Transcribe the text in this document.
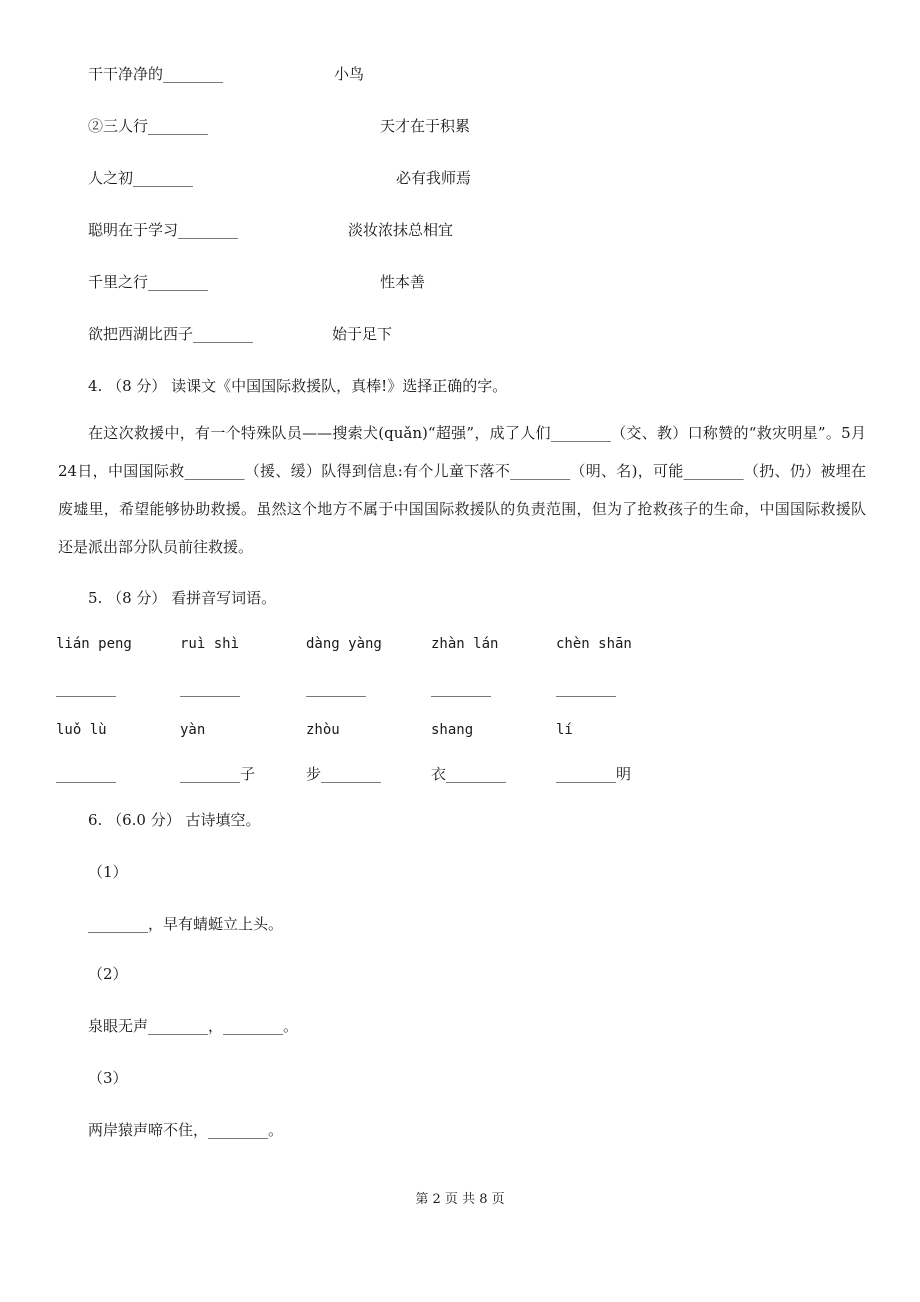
干干净净的________	小鸟
②三人行________	天才在于积累
人之初________	必有我师焉
聪明在于学习________	淡妆浓抹总相宜
千里之行________	性本善
欲把西湖比西子________	始于足下
4. （8 分） 读课文《中国国际救援队，真棒!》选择正确的字。

在这次救援中，有一个特殊队员——搜索犬(quǎn)“超强”，成了人们________（交、教）口称赞的“救灾明星”。5月24日，中国国际救________（援、缓）队得到信息:有个儿童下落不________（明、名)，可能________（扔、仍）被埋在废墟里，希望能够协助救援。虽然这个地方不属于中国国际救援队的负责范围，但为了抢救孩子的生命，中国国际救援队还是派出部分队员前往救援。

5. （8 分） 看拼音写词语。
lián peng	ruì shì	dàng yàng	zhàn lán	chèn shān
________	________	________	________	________
luǒ lù	yàn	zhòu	shang	lí
________	________子	步________	衣________	________明
6. （6.0 分） 古诗填空。
（1）
________，早有蜻蜓立上头。
（2）
泉眼无声________，________。
（3）
两岸猿声啼不住，________。
第 2 页 共 8 页
